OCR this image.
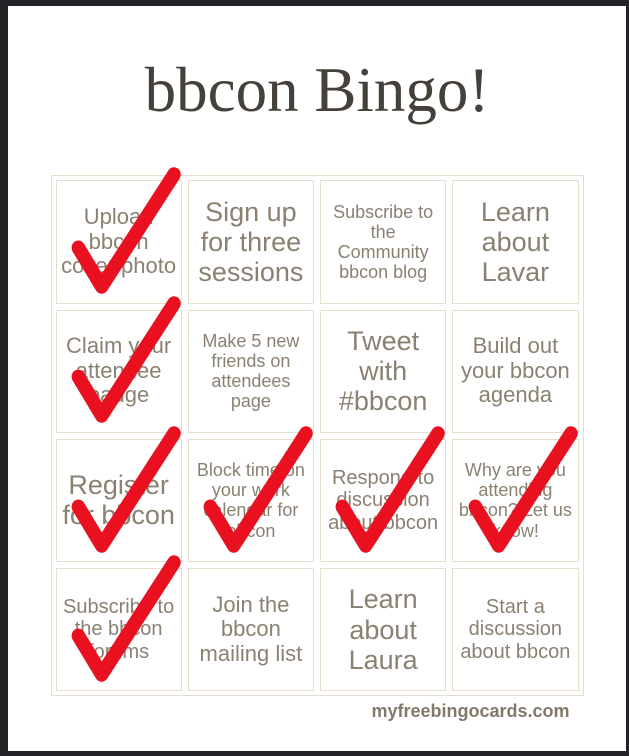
bbcon Bingo!
Upload bbcon cover photo
Sign up for three sessions
Subscribe to the Community bbcon blog
Learn about Lavar
Claim your attendee badge
Make 5 new friends on attendees page
Tweet with #bbcon
Build out your bbcon agenda
Register for bbcon
Block time on your work calendar for bbcon
Respond to discussion about bbcon
Why are you attending bbcon? Let us know!
Subscribe to the bbcon forums
Join the bbcon mailing list
Learn about Laura
Start a discussion about bbcon
myfreebingocards.com
